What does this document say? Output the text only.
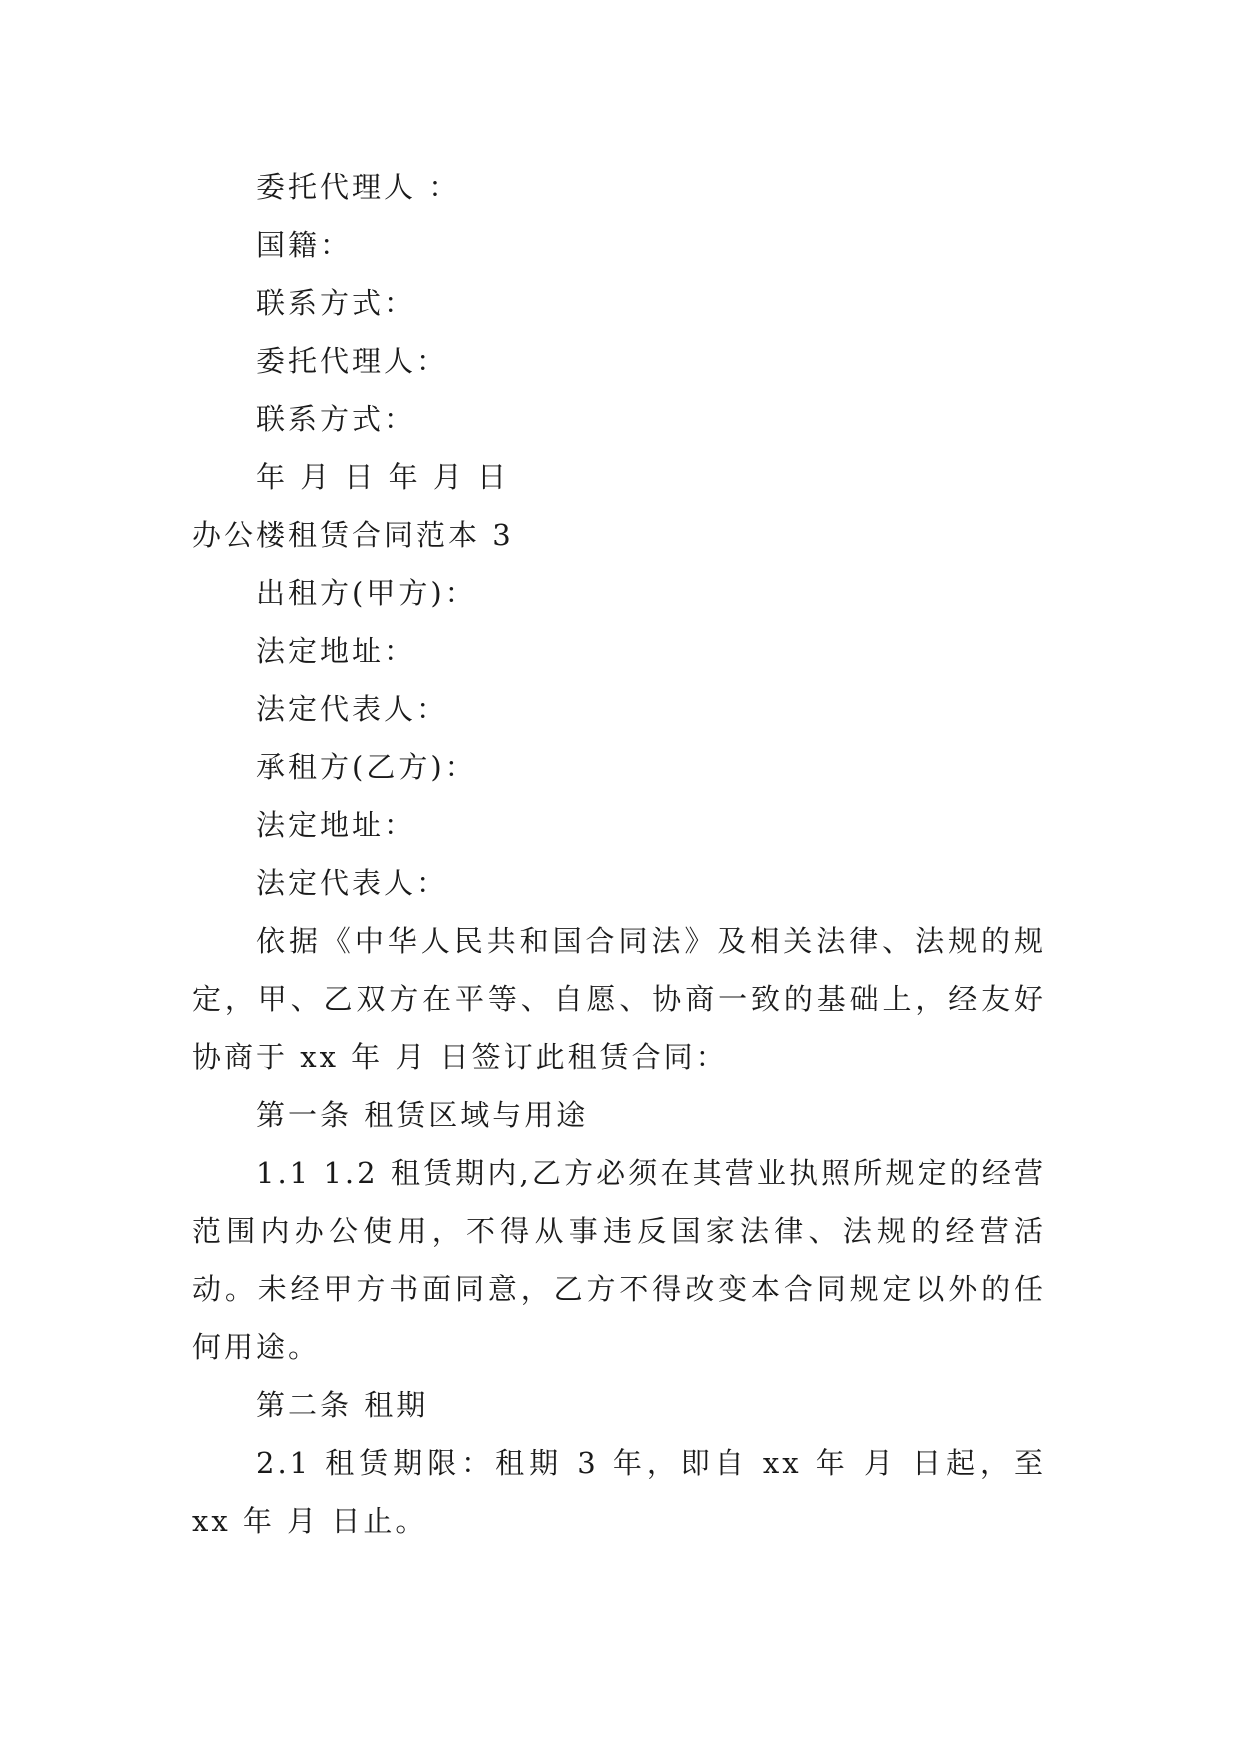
委托代理人 ：
国籍：
联系方式：
委托代理人：
联系方式：
年 月 日 年 月 日
办公楼租赁合同范本 3
出租方(甲方)：
法定地址：
法定代表人：
承租方(乙方)：
法定地址：
法定代表人：
依据《中华人民共和国合同法》及相关法律、法规的规定，甲、乙双方在平等、自愿、协商一致的基础上，经友好协商于 xx 年 月 日签订此租赁合同：
第一条 租赁区域与用途
1.1 1.2 租赁期内,乙方必须在其营业执照所规定的经营范围内办公使用，不得从事违反国家法律、法规的经营活动。未经甲方书面同意，乙方不得改变本合同规定以外的任何用途。
第二条 租期
2.1 租赁期限：租期 3 年，即自 xx 年 月 日起，至 xx 年 月 日止。
